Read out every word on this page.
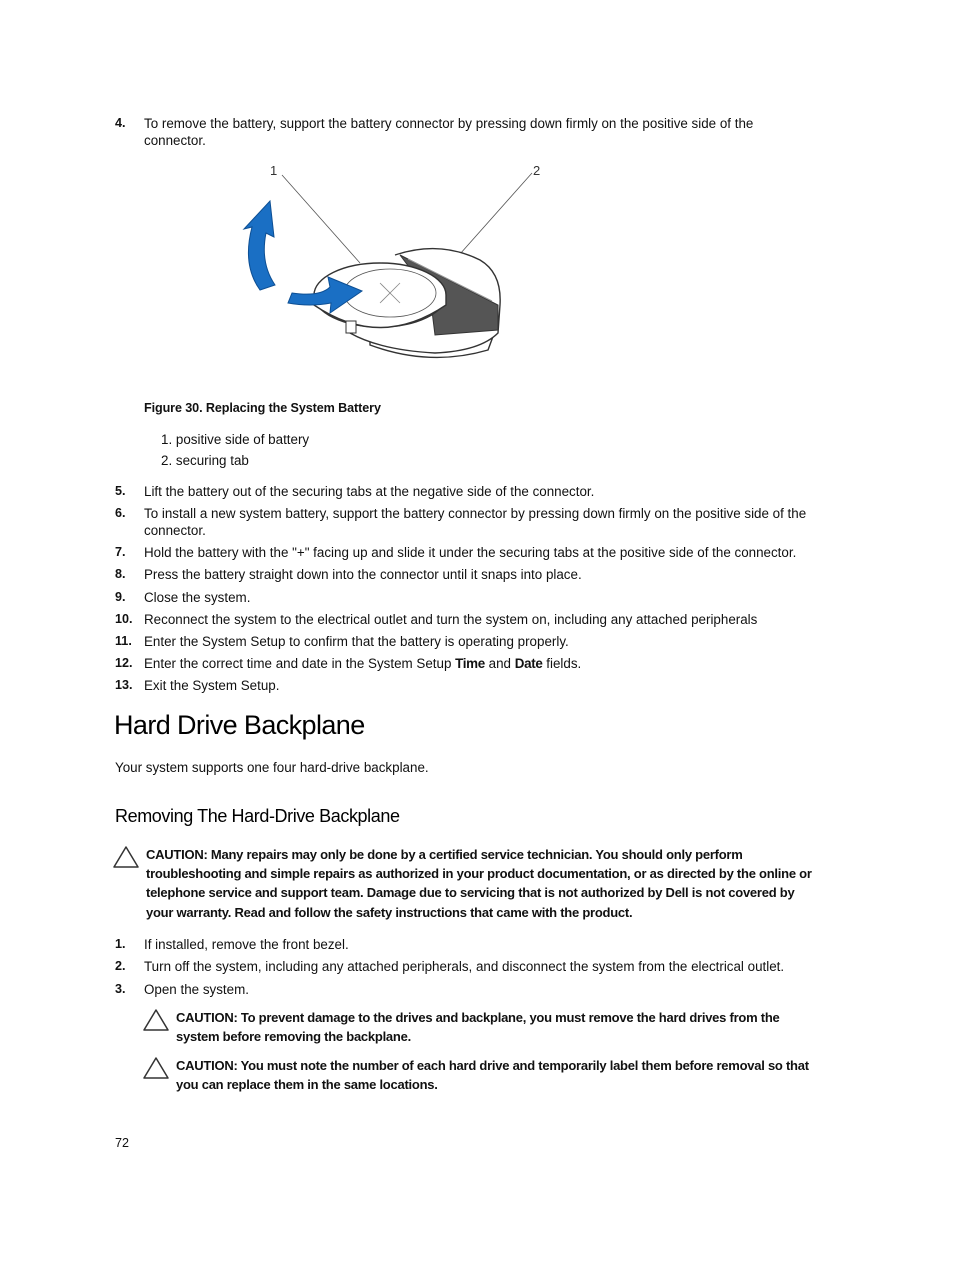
4. To remove the battery, support the battery connector by pressing down firmly on the positive side of the connector.
1	2
Figure 30. Replacing the System Battery
1. positive side of battery
2. securing tab
5. Lift the battery out of the securing tabs at the negative side of the connector.
6. To install a new system battery, support the battery connector by pressing down firmly on the positive side of the connector.
7. Hold the battery with the "+" facing up and slide it under the securing tabs at the positive side of the connector.
8. Press the battery straight down into the connector until it snaps into place.
9. Close the system.
10. Reconnect the system to the electrical outlet and turn the system on, including any attached peripherals
11. Enter the System Setup to confirm that the battery is operating properly.
12. Enter the correct time and date in the System Setup Time and Date fields.
13. Exit the System Setup.
Hard Drive Backplane
Your system supports one four hard-drive backplane.
Removing The Hard-Drive Backplane
CAUTION: Many repairs may only be done by a certified service technician. You should only perform troubleshooting and simple repairs as authorized in your product documentation, or as directed by the online or telephone service and support team. Damage due to servicing that is not authorized by Dell is not covered by your warranty. Read and follow the safety instructions that came with the product.
1. If installed, remove the front bezel.
2. Turn off the system, including any attached peripherals, and disconnect the system from the electrical outlet.
3. Open the system.
CAUTION: To prevent damage to the drives and backplane, you must remove the hard drives from the system before removing the backplane.
CAUTION: You must note the number of each hard drive and temporarily label them before removal so that you can replace them in the same locations.
72
